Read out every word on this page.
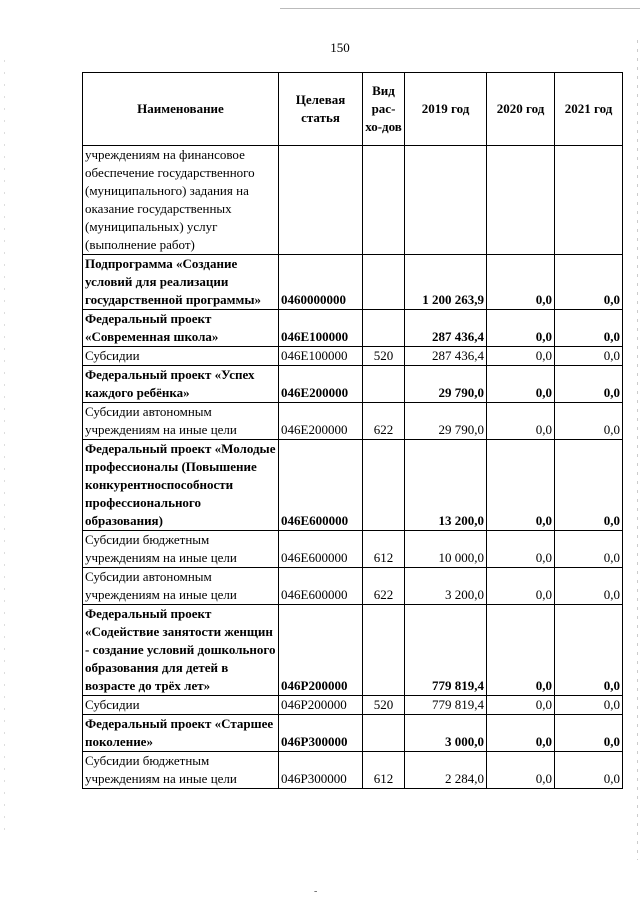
150
Наименование	Целевая статья	Вид рас-хо-дов	2019 год	2020 год	2021 год
учреждениям на финансовое обеспечение государственного (муниципального) задания на оказание государственных (муниципальных) услуг (выполнение работ)					
Подпрограмма «Создание условий для реализации государственной программы»	0460000000		1 200 263,9	0,0	0,0
Федеральный проект «Современная школа»	046Е100000		287 436,4	0,0	0,0
Субсидии	046Е100000	520	287 436,4	0,0	0,0
Федеральный проект «Успех каждого ребёнка»	046Е200000		29 790,0	0,0	0,0
Субсидии автономным учреждениям на иные цели	046Е200000	622	29 790,0	0,0	0,0
Федеральный проект «Молодые профессионалы (Повышение конкурентноспособности профессионального образования)	046Е600000		13 200,0	0,0	0,0
Субсидии бюджетным учреждениям на иные цели	046Е600000	612	10 000,0	0,0	0,0
Субсидии автономным учреждениям на иные цели	046Е600000	622	3 200,0	0,0	0,0
Федеральный проект «Содействие занятости женщин - создание условий дошкольного образования для детей в возрасте до трёх лет»	046P200000		779 819,4	0,0	0,0
Субсидии	046P200000	520	779 819,4	0,0	0,0
Федеральный проект «Старшее поколение»	046P300000		3 000,0	0,0	0,0
Субсидии бюджетным учреждениям на иные цели	046P300000	612	2 284,0	0,0	0,0
-
